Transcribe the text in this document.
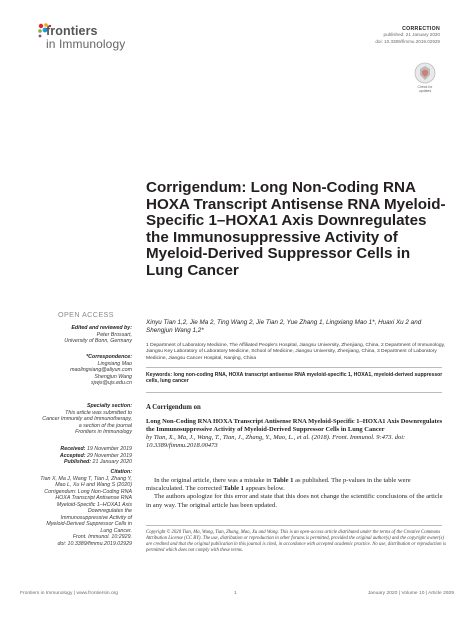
frontiers
in Immunology
CORRECTION
published: 21 January 2020
doi: 10.3389/fimmu.2019.02929
Check for updates
Corrigendum: Long Non-Coding RNA HOXA Transcript Antisense RNA Myeloid-Specific 1–HOXA1 Axis Downregulates the Immunosuppressive Activity of Myeloid-Derived Suppressor Cells in Lung Cancer
OPEN ACCESS
Edited and reviewed by:
Peter Brossart,
University of Bonn, Germany
*Correspondence:
Lingxiang Mao
maolingxiang@aliyun.com
Shengjun Wang
sjwjs@ujs.edu.cn
Specialty section:
This article was submitted to
Cancer Immunity and Immunotherapy,
a section of the journal
Frontiers in Immunology
Received: 19 November 2019
Accepted: 29 November 2019
Published: 21 January 2020
Citation:
Tian X, Ma J, Wang T, Tian J, Zhang Y,
Mao L, Xu H and Wang S (2020)
Corrigendum: Long Non-Coding RNA
HOXA Transcript Antisense RNA
Myeloid-Specific 1–HOXA1 Axis
Downregulates the
Immunosuppressive Activity of
Myeloid-Derived Suppressor Cells in
Lung Cancer.
Front. Immunol. 10:2929.
doi: 10.3389/fimmu.2019.02929
Xinyu Tian 1,2, Jie Ma 2, Ting Wang 2, Jie Tian 2, Yue Zhang 1, Lingxiang Mao 1*, Huaxi Xu 2 and Shengjun Wang 1,2*
1 Department of Laboratory Medicine, The Affiliated People's Hospital, Jiangsu University, Zhenjiang, China, 2 Department of Immunology, Jiangsu Key Laboratory of Laboratory Medicine, School of Medicine, Jiangsu University, Zhenjiang, China, 3 Department of Laboratory Medicine, Jiangsu Cancer Hospital, Nanjing, China
Keywords: long non-coding RNA, HOXA transcript antisense RNA myeloid-specific 1, HOXA1, myeloid-derived suppressor cells, lung cancer
A Corrigendum on
Long Non-Coding RNA HOXA Transcript Antisense RNA Myeloid-Specific 1–HOXA1 Axis Downregulates the Immunosuppressive Activity of Myeloid-Derived Suppressor Cells in Lung Cancer
by Tian, X., Ma, J., Wang, T., Tian, J., Zhang, Y., Mao, L., et al. (2018). Front. Immunol. 9:473. doi: 10.3389/fimmu.2018.00473

In the original article, there was a mistake in Table 1 as published. The p-values in the table were miscalculated. The corrected Table 1 appears below.

The authors apologize for this error and state that this does not change the scientific conclusions of the article in any way. The original article has been updated.

Copyright © 2020 Tian, Ma, Wang, Tian, Zhang, Mao, Xu and Wang. This is an open-access article distributed under the terms of the Creative Commons Attribution License (CC BY). The use, distribution or reproduction in other forums is permitted, provided the original author(s) and the copyright owner(s) are credited and that the original publication in this journal is cited, in accordance with accepted academic practice. No use, distribution or reproduction is permitted which does not comply with these terms.
Frontiers in Immunology | www.frontiersin.org	1	January 2020 | Volume 10 | Article 2929
